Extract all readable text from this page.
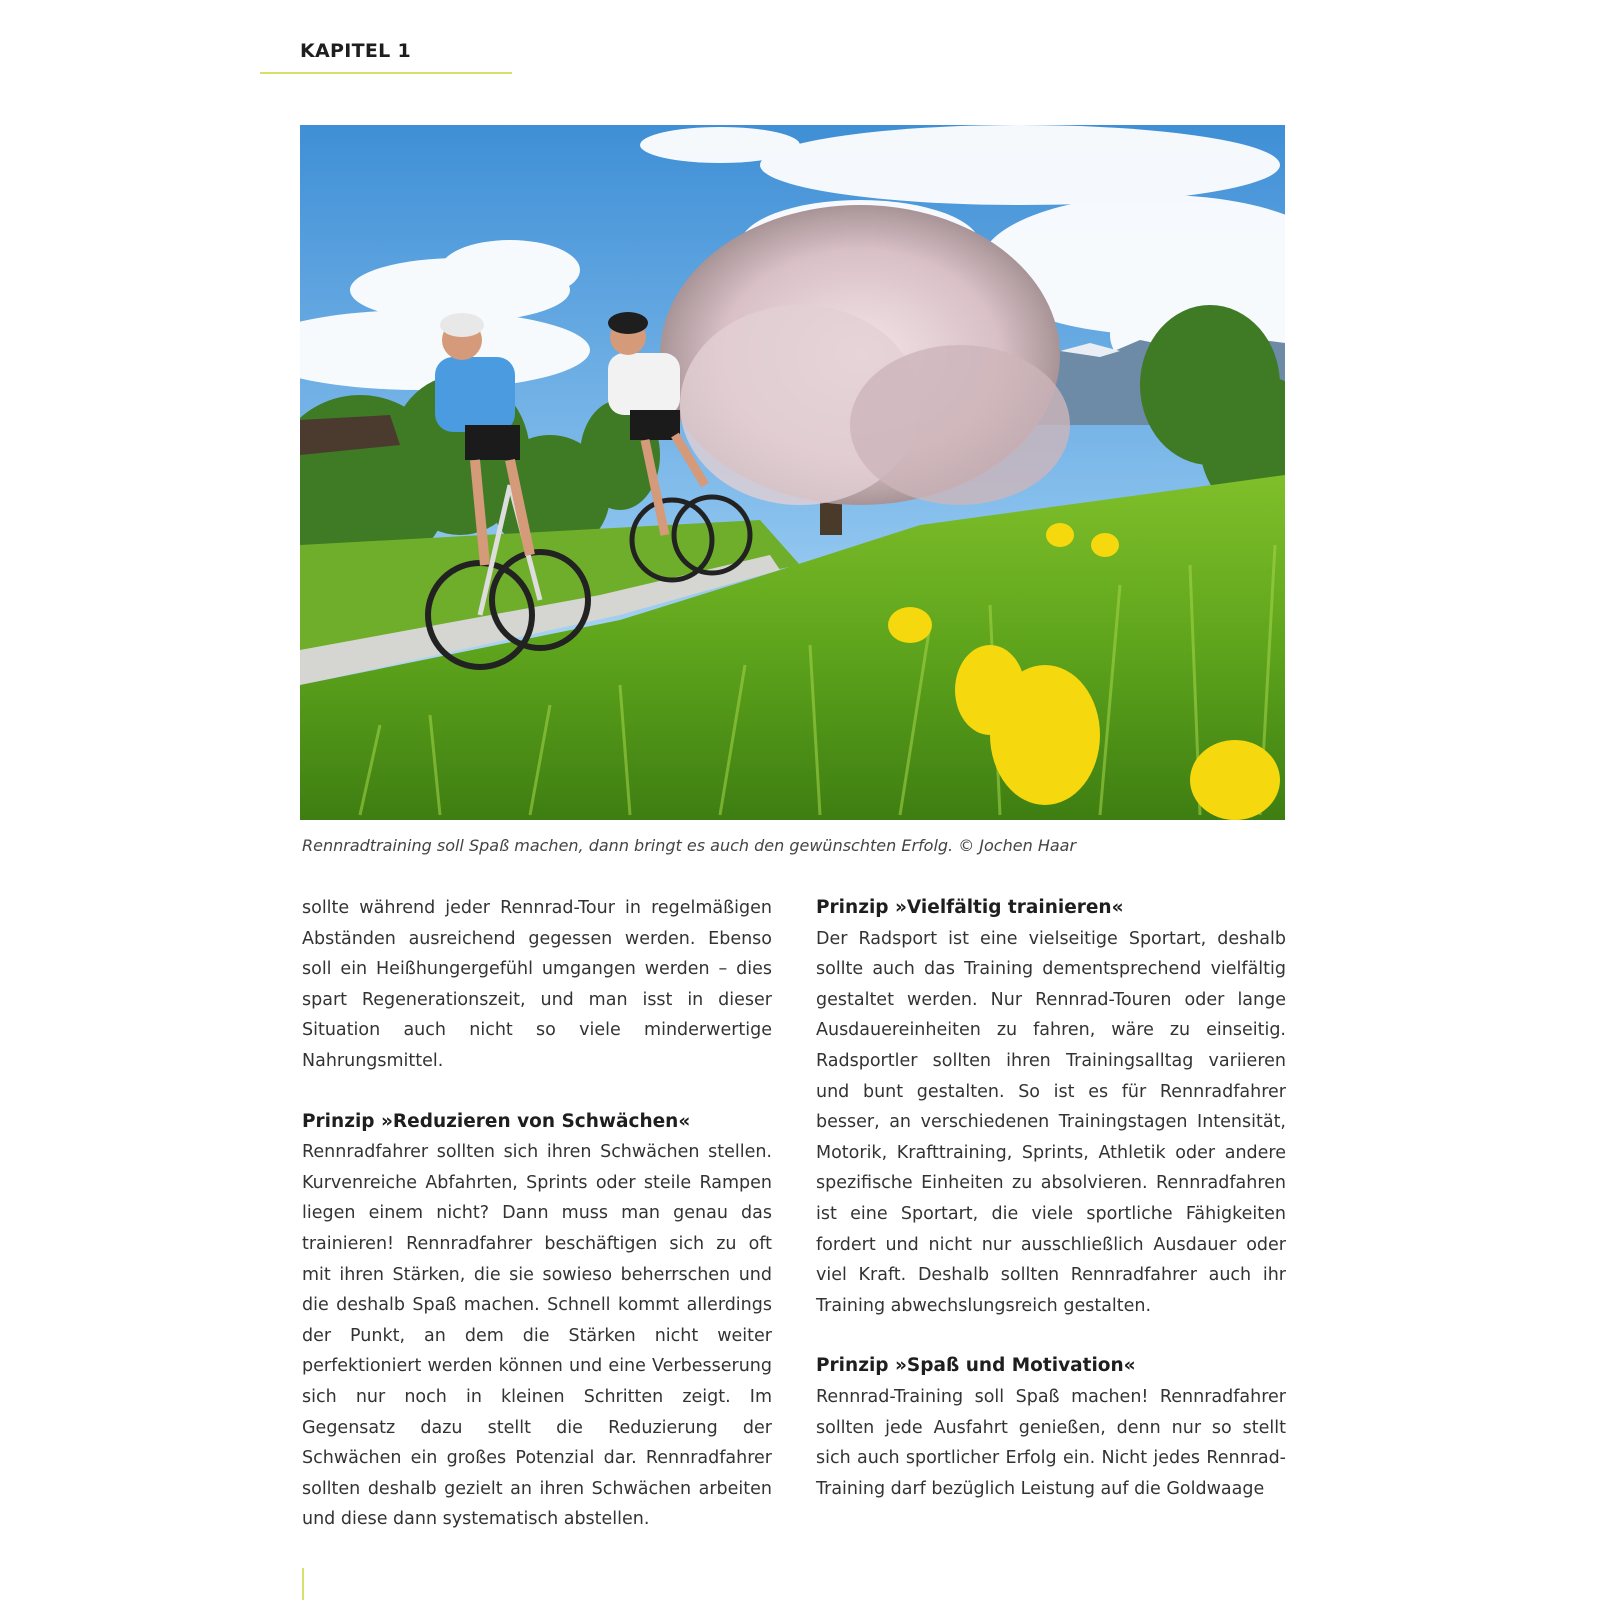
KAPITEL 1
Rennradtraining soll Spaß machen, dann bringt es auch den gewünschten Erfolg. © Jochen Haar

sollte während jeder Rennrad-Tour in regelmäßigen Abständen ausreichend gegessen werden. Ebenso soll ein Heißhungergefühl umgangen werden – dies spart Regenerationszeit, und man isst in dieser Situation auch nicht so viele minderwertige Nahrungsmittel.

Prinzip »Reduzieren von Schwächen«

Rennradfahrer sollten sich ihren Schwächen stellen. Kurvenreiche Abfahrten, Sprints oder steile Rampen liegen einem nicht? Dann muss man genau das trainieren! Rennradfahrer beschäftigen sich zu oft mit ihren Stärken, die sie sowieso beherrschen und die deshalb Spaß machen. Schnell kommt allerdings der Punkt, an dem die Stärken nicht weiter perfektioniert werden können und eine Verbesserung sich nur noch in kleinen Schritten zeigt. Im Gegensatz dazu stellt die Reduzierung der Schwächen ein großes Potenzial dar. Rennradfahrer sollten deshalb gezielt an ihren Schwächen arbeiten und diese dann systematisch abstellen.

Prinzip »Vielfältig trainieren«

Der Radsport ist eine vielseitige Sportart, deshalb sollte auch das Training dementsprechend vielfältig gestaltet werden. Nur Rennrad-Touren oder lange Ausdauereinheiten zu fahren, wäre zu einseitig. Radsportler sollten ihren Trainingsalltag variieren und bunt gestalten. So ist es für Rennradfahrer besser, an verschiedenen Trainingstagen Intensität, Motorik, Krafttraining, Sprints, Athletik oder andere spezifische Einheiten zu absolvieren. Rennradfahren ist eine Sportart, die viele sportliche Fähigkeiten fordert und nicht nur ausschließlich Ausdauer oder viel Kraft. Deshalb sollten Rennradfahrer auch ihr Training abwechslungsreich gestalten.

Prinzip »Spaß und Motivation«

Rennrad-Training soll Spaß machen! Rennradfahrer sollten jede Ausfahrt genießen, denn nur so stellt sich auch sportlicher Erfolg ein. Nicht jedes Rennrad-Training darf bezüglich Leistung auf die Goldwaage
